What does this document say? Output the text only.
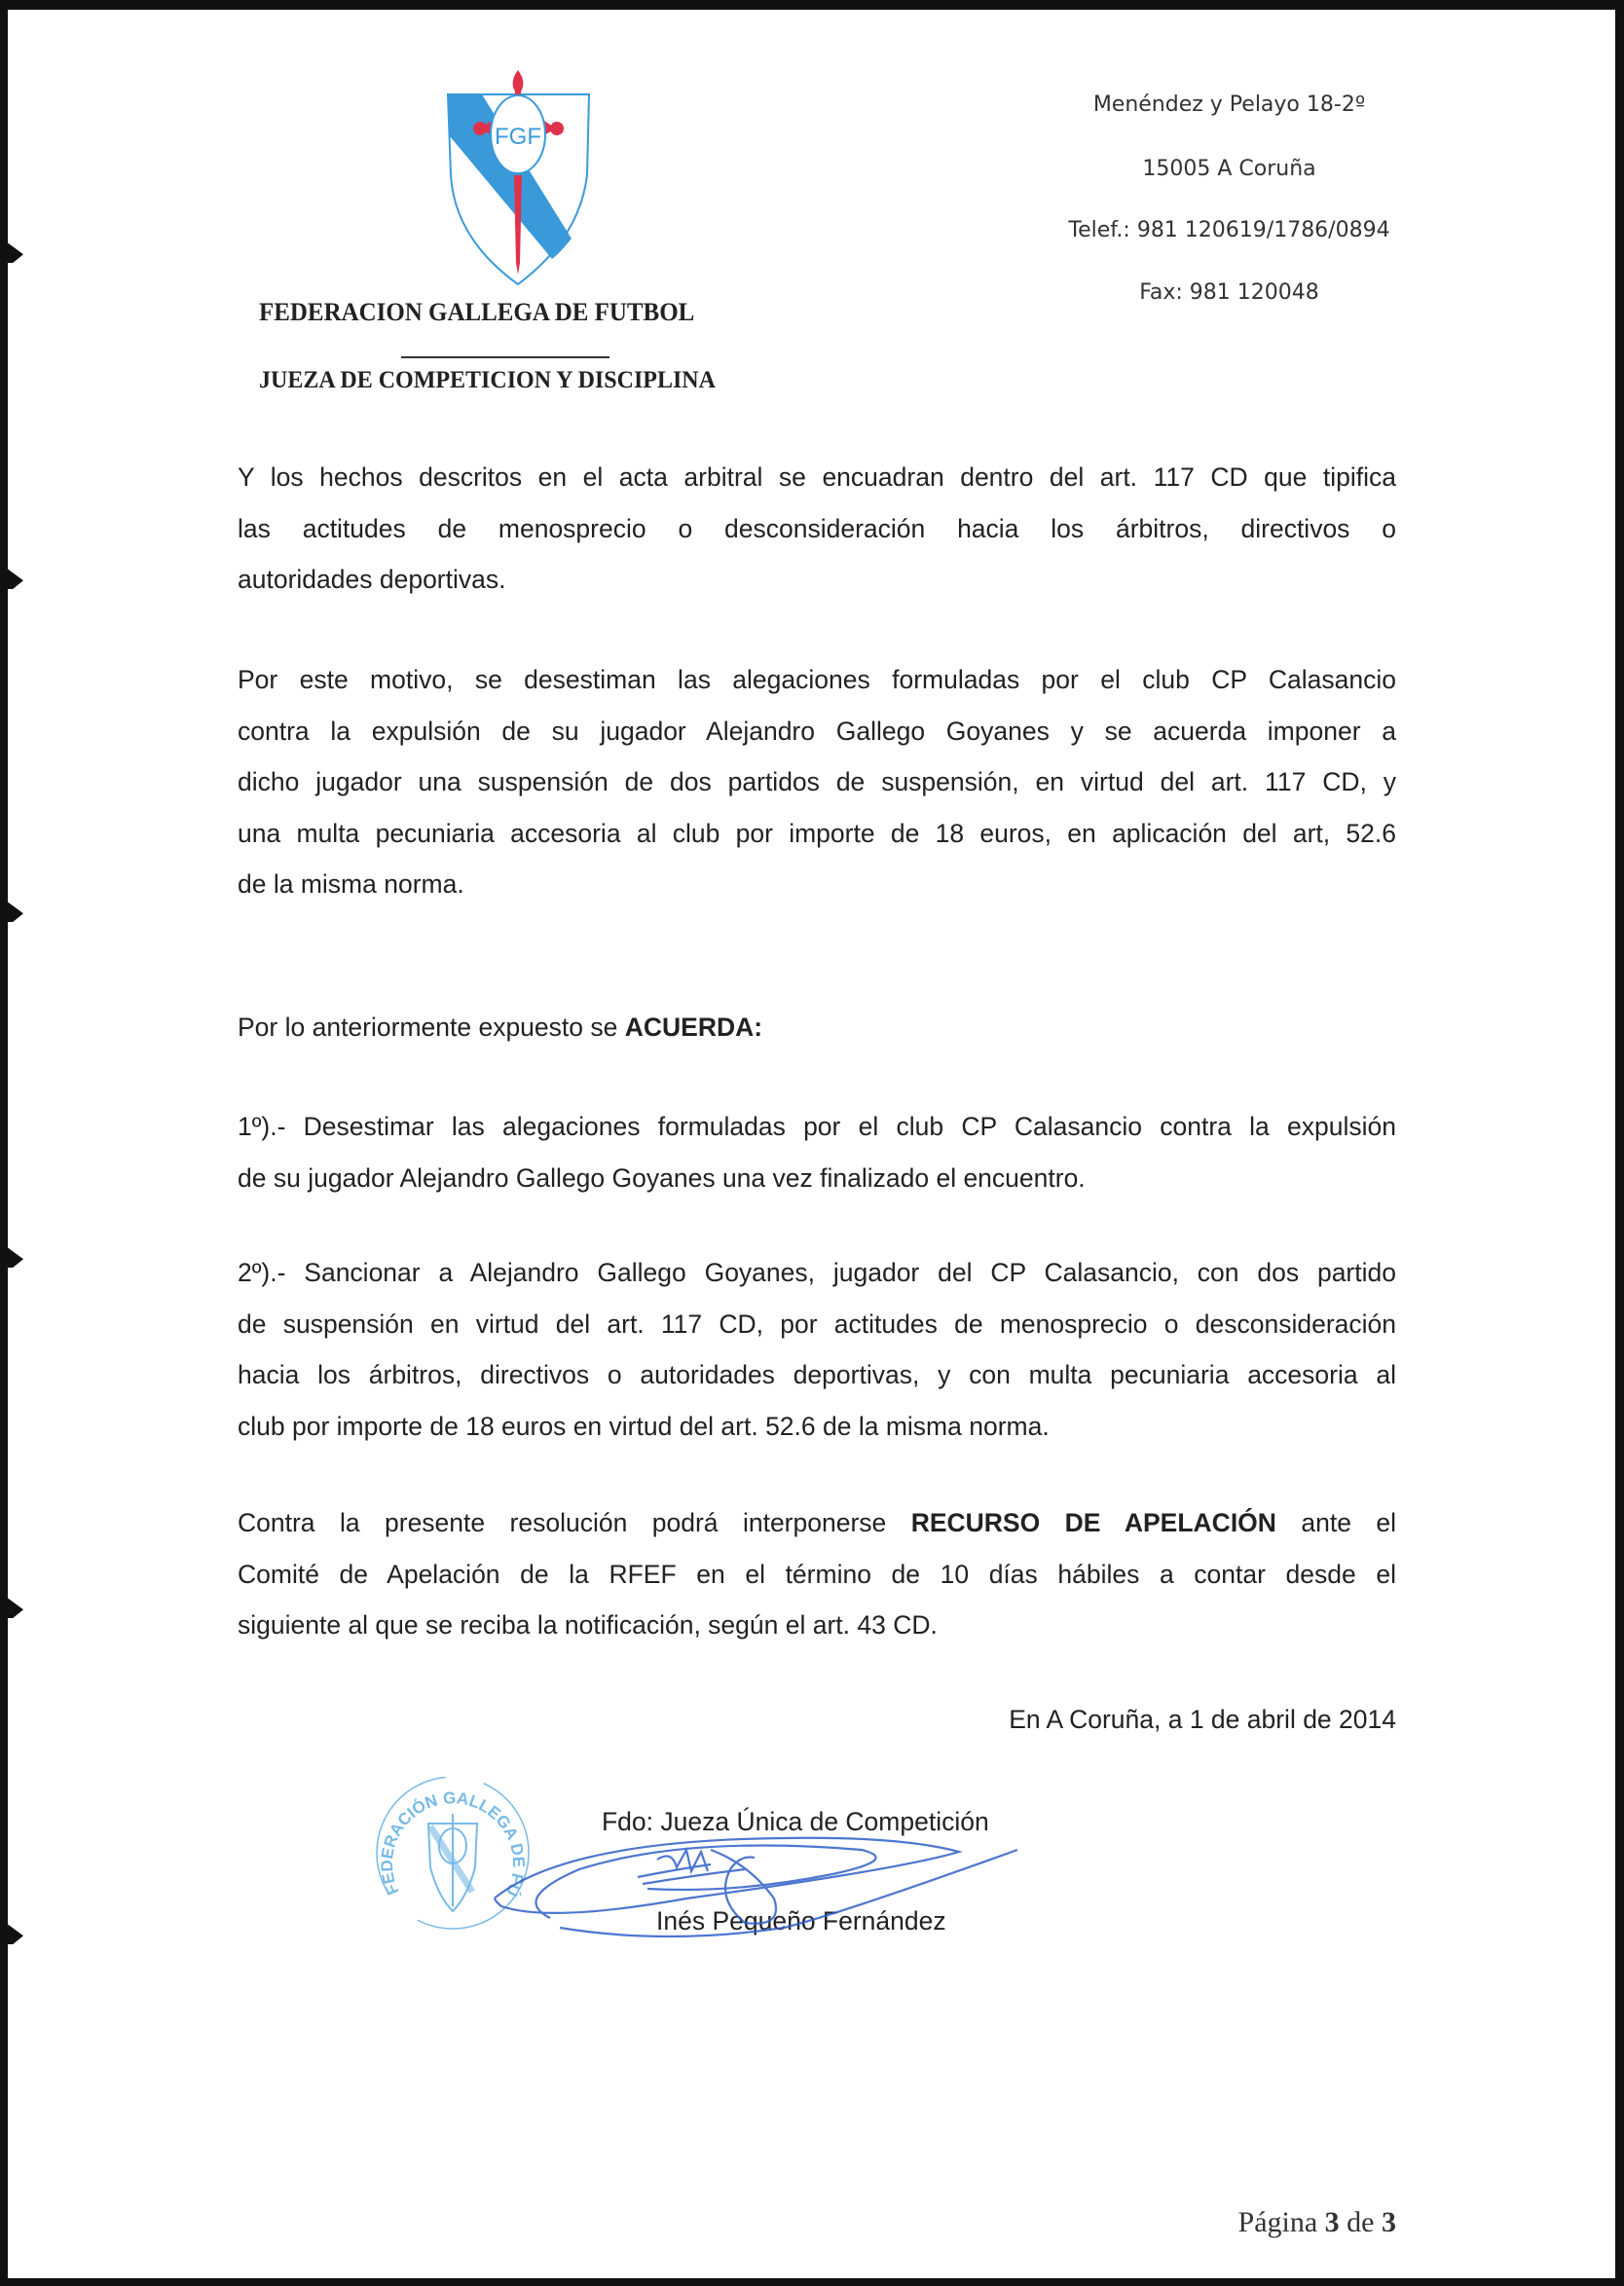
FGF
Menéndez y Pelayo 18-2º
15005 A Coruña
Telef.: 981 120619/1786/0894
Fax: 981 120048
FEDERACION GALLEGA DE FUTBOL
JUEZA DE COMPETICION Y DISCIPLINA
Y los hechos descritos en el acta arbitral se encuadran dentro del art. 117 CD que tipifica
las actitudes de menosprecio o desconsideración hacia los árbitros, directivos o
autoridades deportivas.
Por este motivo, se desestiman las alegaciones formuladas por el club CP Calasancio
contra la expulsión de su jugador Alejandro Gallego Goyanes y se acuerda imponer a
dicho jugador una suspensión de dos partidos de suspensión, en virtud del art. 117 CD, y
una multa pecuniaria accesoria al club por importe de 18 euros, en aplicación del art, 52.6
de la misma norma.
Por lo anteriormente expuesto se ACUERDA:
1º).- Desestimar las alegaciones formuladas por el club CP Calasancio contra la expulsión
de su jugador Alejandro Gallego Goyanes una vez finalizado el encuentro.
2º).- Sancionar a Alejandro Gallego Goyanes, jugador del CP Calasancio, con dos partido
de suspensión en virtud del art. 117 CD, por actitudes de menosprecio o desconsideración
hacia los árbitros, directivos o autoridades deportivas, y con multa pecuniaria accesoria al
club por importe de 18 euros en virtud del art. 52.6 de la misma norma.
Contra la presente resolución podrá interponerse RECURSO DE APELACIÓN ante el
Comité de Apelación de la RFEF en el término de 10 días hábiles a contar desde el
siguiente al que se reciba la notificación, según el art. 43 CD.
En A Coruña, a 1 de abril de 2014
FEDERACIÓN GALLEGA DE FÚ
Fdo: Jueza Única de Competición
Inés Pequeño Fernández
Página 3 de 3
